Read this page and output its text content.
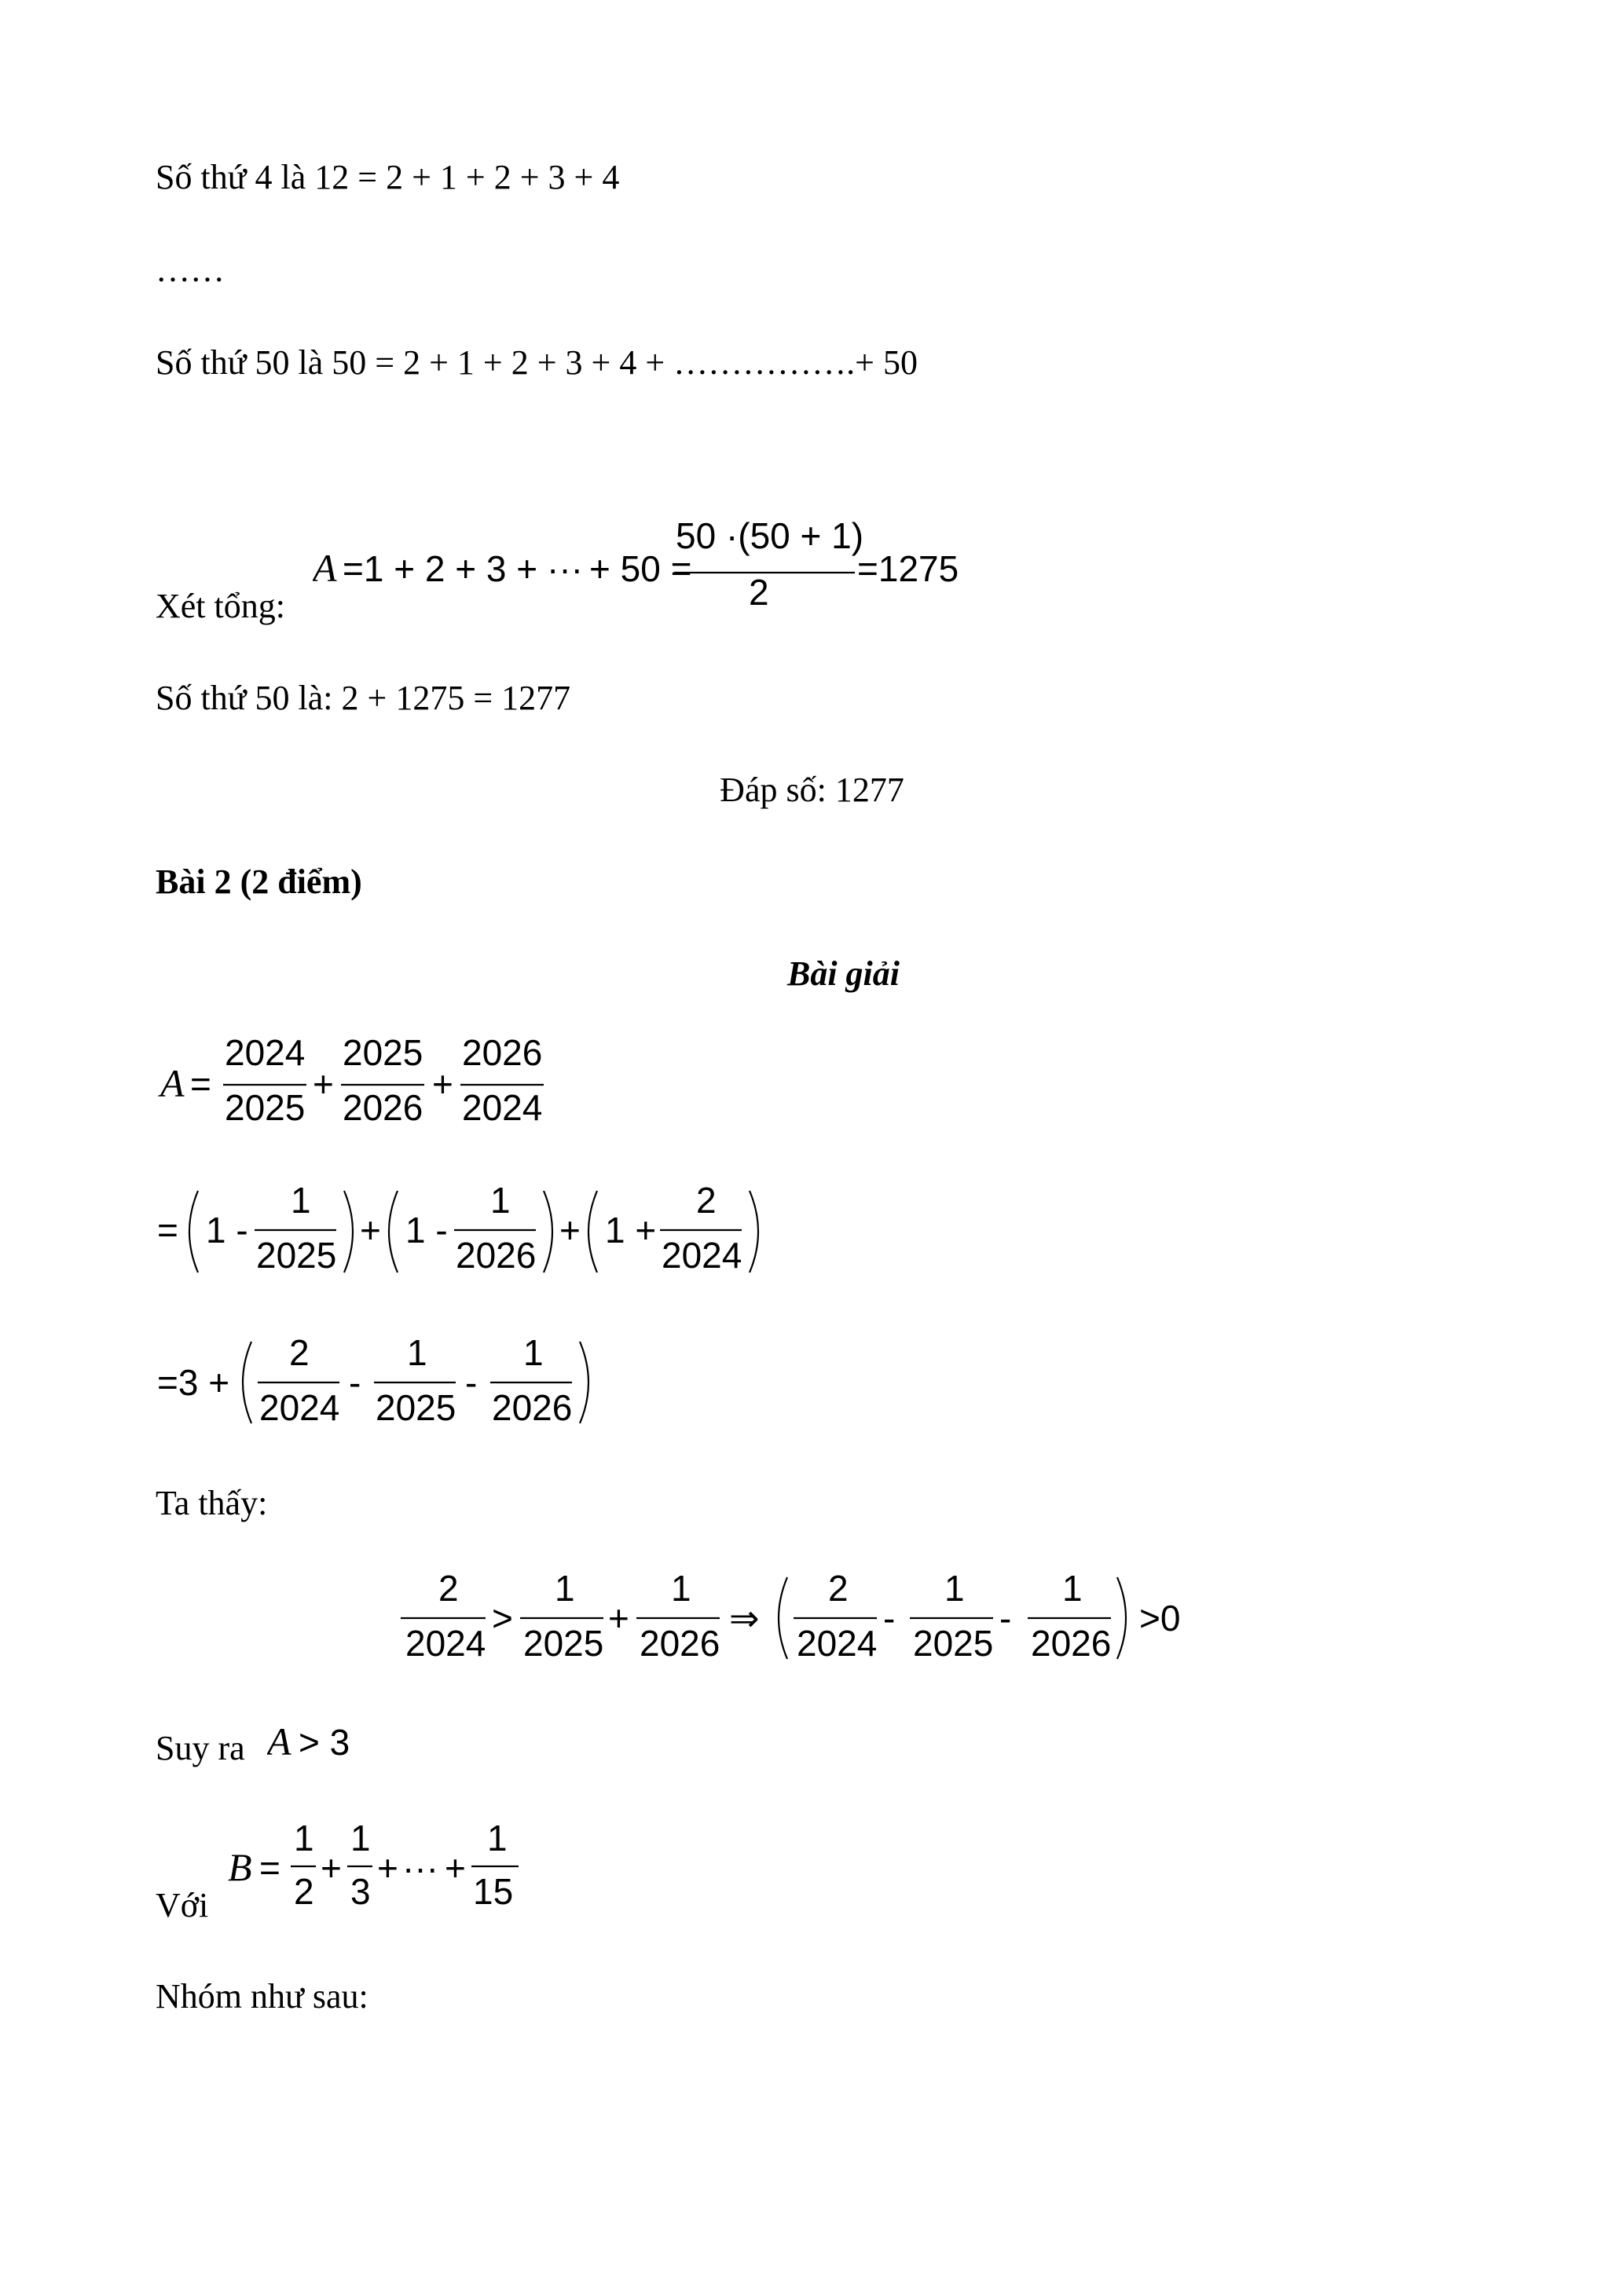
Số thứ 4 là 12 = 2 + 1 + 2 + 3 + 4
……
Số thứ 50 là 50 = 2 + 1 + 2 + 3 + 4 + …………….+ 50
Xét tổng:
A =1 + 2 + 3 + ··· + 50 =
50 ·(50 + 1)
2
=1275
Số thứ 50 là: 2 + 1275 = 1277
Đáp số: 1277
Bài 2 (2 điểm)
Bài giải
A =
2024
2025
+
2025
2026
+
2026
2024
= 1 -
1
2025
+ 1 -
1
2026
+ 1 +
2
2024
=3 +
2
2024
-
1
2025
-
1
2026
Ta thấy:
2
2024
>
1
2025
+
1
2026
⇒
2
2024
-
1
2025
-
1
2026
>0
Suy ra A > 3
Với
B =
1
2
+
1
3
+ ··· +
1
15
Nhóm như sau:
